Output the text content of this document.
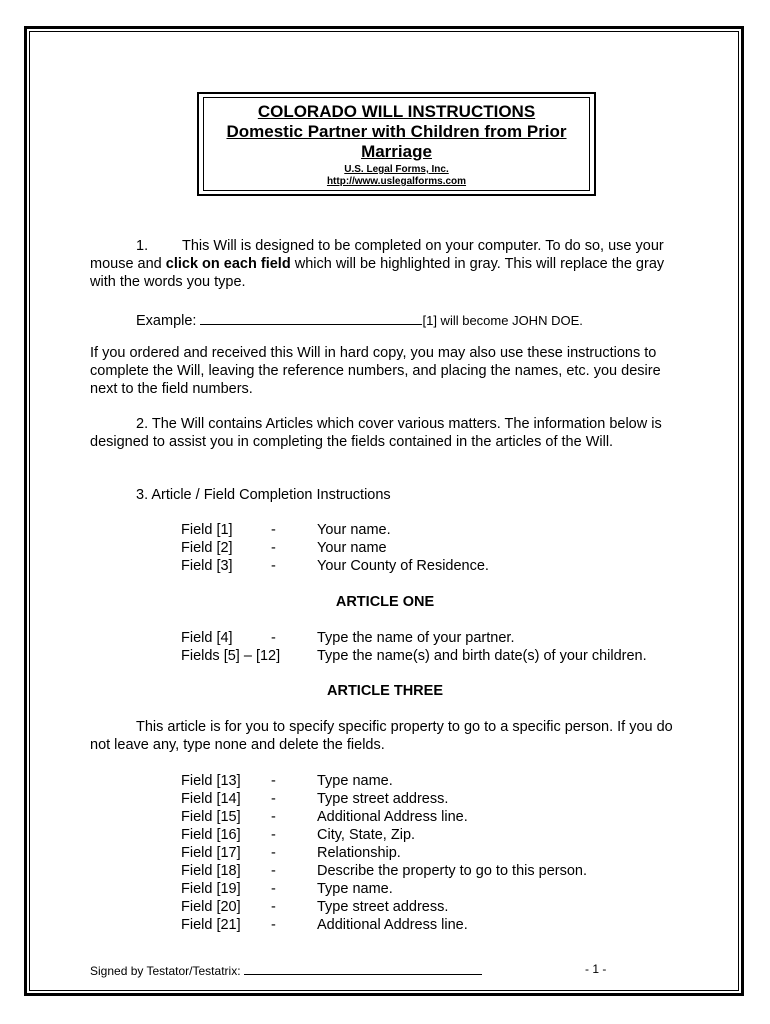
COLORADO WILL INSTRUCTIONS
Domestic Partner with Children from Prior
Marriage
U.S. Legal Forms, Inc.
http://www.uslegalforms.com
1. This Will is designed to be completed on your computer. To do so, use your mouse and click on each field which will be highlighted in gray. This will replace the gray with the words you type.
Example:	[1] will become JOHN DOE.
If you ordered and received this Will in hard copy, you may also use these instructions to complete the Will, leaving the reference numbers, and placing the names, etc. you desire next to the field numbers.
2. The Will contains Articles which cover various matters. The information below is designed to assist you in completing the fields contained in the articles of the Will.
3. Article / Field Completion Instructions
Field [1]	-	Your name.
Field [2]	-	Your name
Field [3]	-	Your County of Residence.
ARTICLE ONE
Field [4]	-	Type the name of your partner.
Fields [5] – [12]	Type the name(s) and birth date(s) of your children.
ARTICLE THREE
This article is for you to specify specific property to go to a specific person. If you do not leave any, type none and delete the fields.
Field [13]	-	Type name.
Field [14]	-	Type street address.
Field [15]	-	Additional Address line.
Field [16]	-	City, State, Zip.
Field [17]	-	Relationship.
Field [18]	-	Describe the property to go to this person.
Field [19]	-	Type name.
Field [20]	-	Type street address.
Field [21]	-	Additional Address line.
Signed by Testator/Testatrix:	- 1 -
